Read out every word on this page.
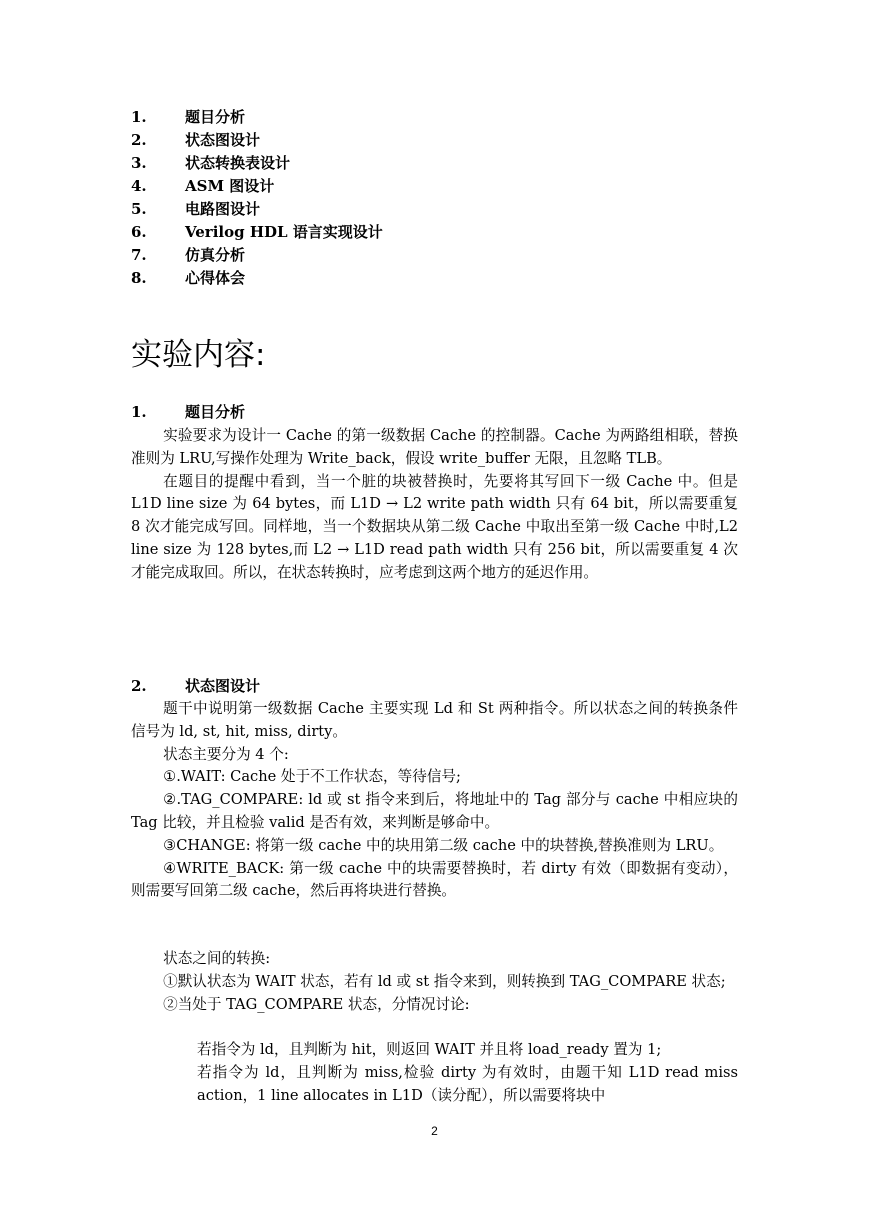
1.	题目分析
2.	状态图设计
3.	状态转换表设计
4.	ASM 图设计
5.	电路图设计
6.	Verilog HDL 语言实现设计
7.	仿真分析
8.	心得体会
实验内容:
1.	题目分析

实验要求为设计一 Cache 的第一级数据 Cache 的控制器。Cache 为两路组相联，替换准则为 LRU,写操作处理为 Write_back，假设 write_buffer 无限，且忽略 TLB。

在题目的提醒中看到，当一个脏的块被替换时，先要将其写回下一级 Cache 中。但是 L1D line size 为 64 bytes，而 L1D → L2 write path width 只有 64 bit，所以需要重复 8 次才能完成写回。同样地，当一个数据块从第二级 Cache 中取出至第一级 Cache 中时,L2 line size 为 128 bytes,而 L2 → L1D read path width 只有 256 bit，所以需要重复 4 次才能完成取回。所以，在状态转换时，应考虑到这两个地方的延迟作用。

2.	状态图设计

题干中说明第一级数据 Cache 主要实现 Ld 和 St 两种指令。所以状态之间的转换条件信号为 ld, st, hit, miss, dirty。

状态主要分为 4 个:

①.WAIT: Cache 处于不工作状态，等待信号;

②.TAG_COMPARE: ld 或 st 指令来到后，将地址中的 Tag 部分与 cache 中相应块的 Tag 比较，并且检验 valid 是否有效，来判断是够命中。

③CHANGE: 将第一级 cache 中的块用第二级 cache 中的块替换,替换准则为 LRU。

④WRITE_BACK: 第一级 cache 中的块需要替换时，若 dirty 有效（即数据有变动），则需要写回第二级 cache，然后再将块进行替换。

状态之间的转换:

①默认状态为 WAIT 状态，若有 ld 或 st 指令来到，则转换到 TAG_COMPARE 状态;

②当处于 TAG_COMPARE 状态，分情况讨论:

若指令为 ld，且判断为 hit，则返回 WAIT 并且将 load_ready 置为 1;

若指令为 ld，且判断为 miss,检验 dirty 为有效时，由题干知 L1D read miss action，1 line allocates in L1D（读分配），所以需要将块中

2
